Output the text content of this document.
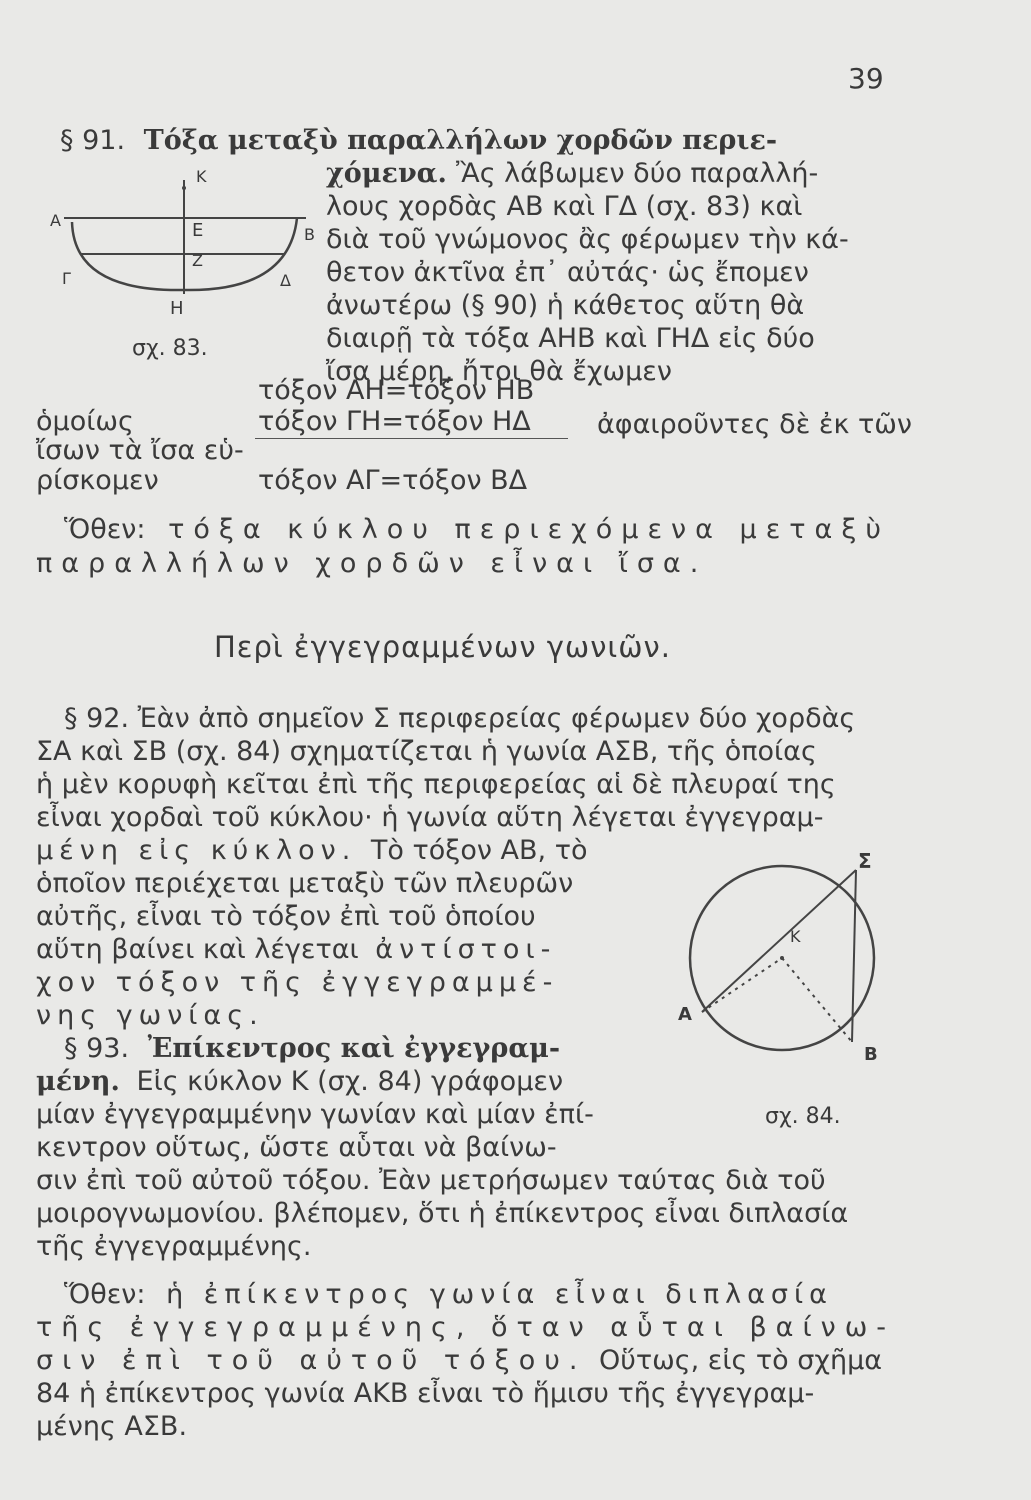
39
§ 91. Τόξα μεταξὺ παραλλήλων χορδῶν περιε-
χόμενα. Ἂς λάβωμεν δύο παραλλή-
λους χορδὰς ΑΒ καὶ ΓΔ (σχ. 83) καὶ
διὰ τοῦ γνώμονος ἂς φέρωμεν τὴν κά-
θετον ἀκτῖνα ἐπ᾽ αὐτάς· ὡς ἔπομεν
ἀνωτέρω (§ 90) ἡ κάθετος αὕτη θὰ
διαιρῇ τὰ τόξα ΑΗΒ καὶ ΓΗΔ εἰς δύο
ἴσα μέρη, ἤτοι θὰ ἔχωμεν
Κ
Α
Β
Ε
Ζ
Γ	Δ
Η
σχ. 83.
τόξον ΑΗ=τόξον ΗΒ
ὁμοίως	τόξον ΓΗ=τόξον ΗΔ ἀφαιροῦντες δὲ ἐκ τῶν
ἴσων τὰ ἴσα εὑ-
ρίσκομεν	τόξον ΑΓ=τόξον ΒΔ
Ὅθεν: τόξα κύκλου περιεχόμενα μεταξὺ
παραλλήλων χορδῶν εἶναι ἴσα.
Περὶ ἐγγεγραμμένων γωνιῶν.
§ 92. Ἐὰν ἀπὸ σημεῖον Σ περιφερείας φέρωμεν δύο χορδὰς
ΣΑ καὶ ΣΒ (σχ. 84) σχηματίζεται ἡ γωνία ΑΣΒ, τῆς ὁποίας
ἡ μὲν κορυφὴ κεῖται ἐπὶ τῆς περιφερείας αἱ δὲ πλευραί της
εἶναι χορδαὶ τοῦ κύκλου· ἡ γωνία αὕτη λέγεται ἐγγεγραμ-
μένη εἰς κύκλον. Τὸ τόξον ΑΒ, τὸ
ὁποῖον περιέχεται μεταξὺ τῶν πλευρῶν
αὐτῆς, εἶναι τὸ τόξον ἐπὶ τοῦ ὁποίου
αὕτη βαίνει καὶ λέγεται ἀντίστοι-
χον τόξον τῆς ἐγγεγραμμέ-
νης γωνίας.
Σ
Κ
Α
Β
σχ. 84.
§ 93. Ἐπίκεντρος καὶ ἐγγεγραμ-
μένη. Εἰς κύκλον Κ (σχ. 84) γράφομεν
μίαν ἐγγεγραμμένην γωνίαν καὶ μίαν ἐπί-
κεντρον οὕτως, ὥστε αὗται νὰ βαίνω-
σιν ἐπὶ τοῦ αὐτοῦ τόξου. Ἐὰν μετρήσωμεν ταύτας διὰ τοῦ
μοιρογνωμονίου. βλέπομεν, ὅτι ἡ ἐπίκεντρος εἶναι διπλασία
τῆς ἐγγεγραμμένης.
Ὅθεν: ἡ ἐπίκεντρος γωνία εἶναι διπλασία
τῆς ἐγγεγραμμένης, ὅταν αὗται βαίνω-
σιν ἐπὶ τοῦ αὐτοῦ τόξου. Οὕτως, εἰς τὸ σχῆμα
84 ἡ ἐπίκεντρος γωνία ΑΚΒ εἶναι τὸ ἥμισυ τῆς ἐγγεγραμ-
μένης ΑΣΒ.
